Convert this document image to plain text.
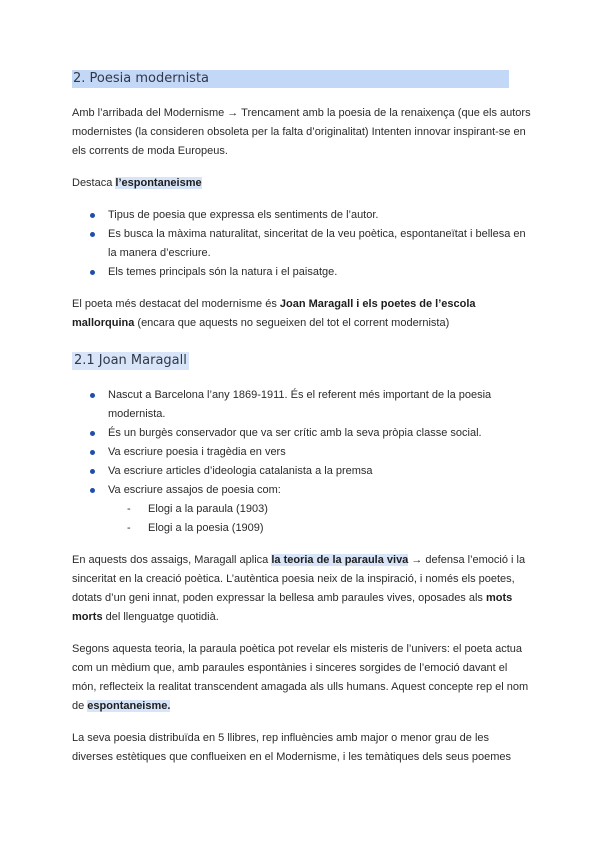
2. Poesia modernista

Amb l’arribada del Modernisme → Trencament amb la poesia de la renaixença (que els autors modernistes (la consideren obsoleta per la falta d’originalitat) Intenten innovar inspirant-se en els corrents de moda Europeus.

Destaca l’espontaneisme

Tipus de poesia que expressa els sentiments de l’autor.
Es busca la màxima naturalitat, sinceritat de la veu poètica, espontaneïtat i bellesa en la manera d’escriure.
Els temes principals són la natura i el paisatge.

El poeta més destacat del modernisme és Joan Maragall i els poetes de l’escola mallorquina (encara que aquests no segueixen del tot el corrent modernista)

2.1 Joan Maragall
Nascut a Barcelona l’any 1869-1911. És el referent més important de la poesia modernista.
És un burgès conservador que va ser crític amb la seva pròpia classe social.
Va escriure poesia i tragèdia en vers
Va escriure articles d’ideologia catalanista a la premsa
Va escriure assajos de poesia com:
- Elogi a la paraula (1903)
- Elogi a la poesia (1909)

En aquests dos assaigs, Maragall aplica la teoria de la paraula viva → defensa l’emoció i la sinceritat en la creació poètica. L’autèntica poesia neix de la inspiració, i només els poetes, dotats d’un geni innat, poden expressar la bellesa amb paraules vives, oposades als mots morts del llenguatge quotidià.

Segons aquesta teoria, la paraula poètica pot revelar els misteris de l’univers: el poeta actua com un mèdium que, amb paraules espontànies i sinceres sorgides de l’emoció davant el món, reflecteix la realitat transcendent amagada als ulls humans. Aquest concepte rep el nom de espontaneisme.

La seva poesia distribuïda en 5 llibres, rep influències amb major o menor grau de les diverses estètiques que conflueixen en el Modernisme, i les temàtiques dels seus poemes
